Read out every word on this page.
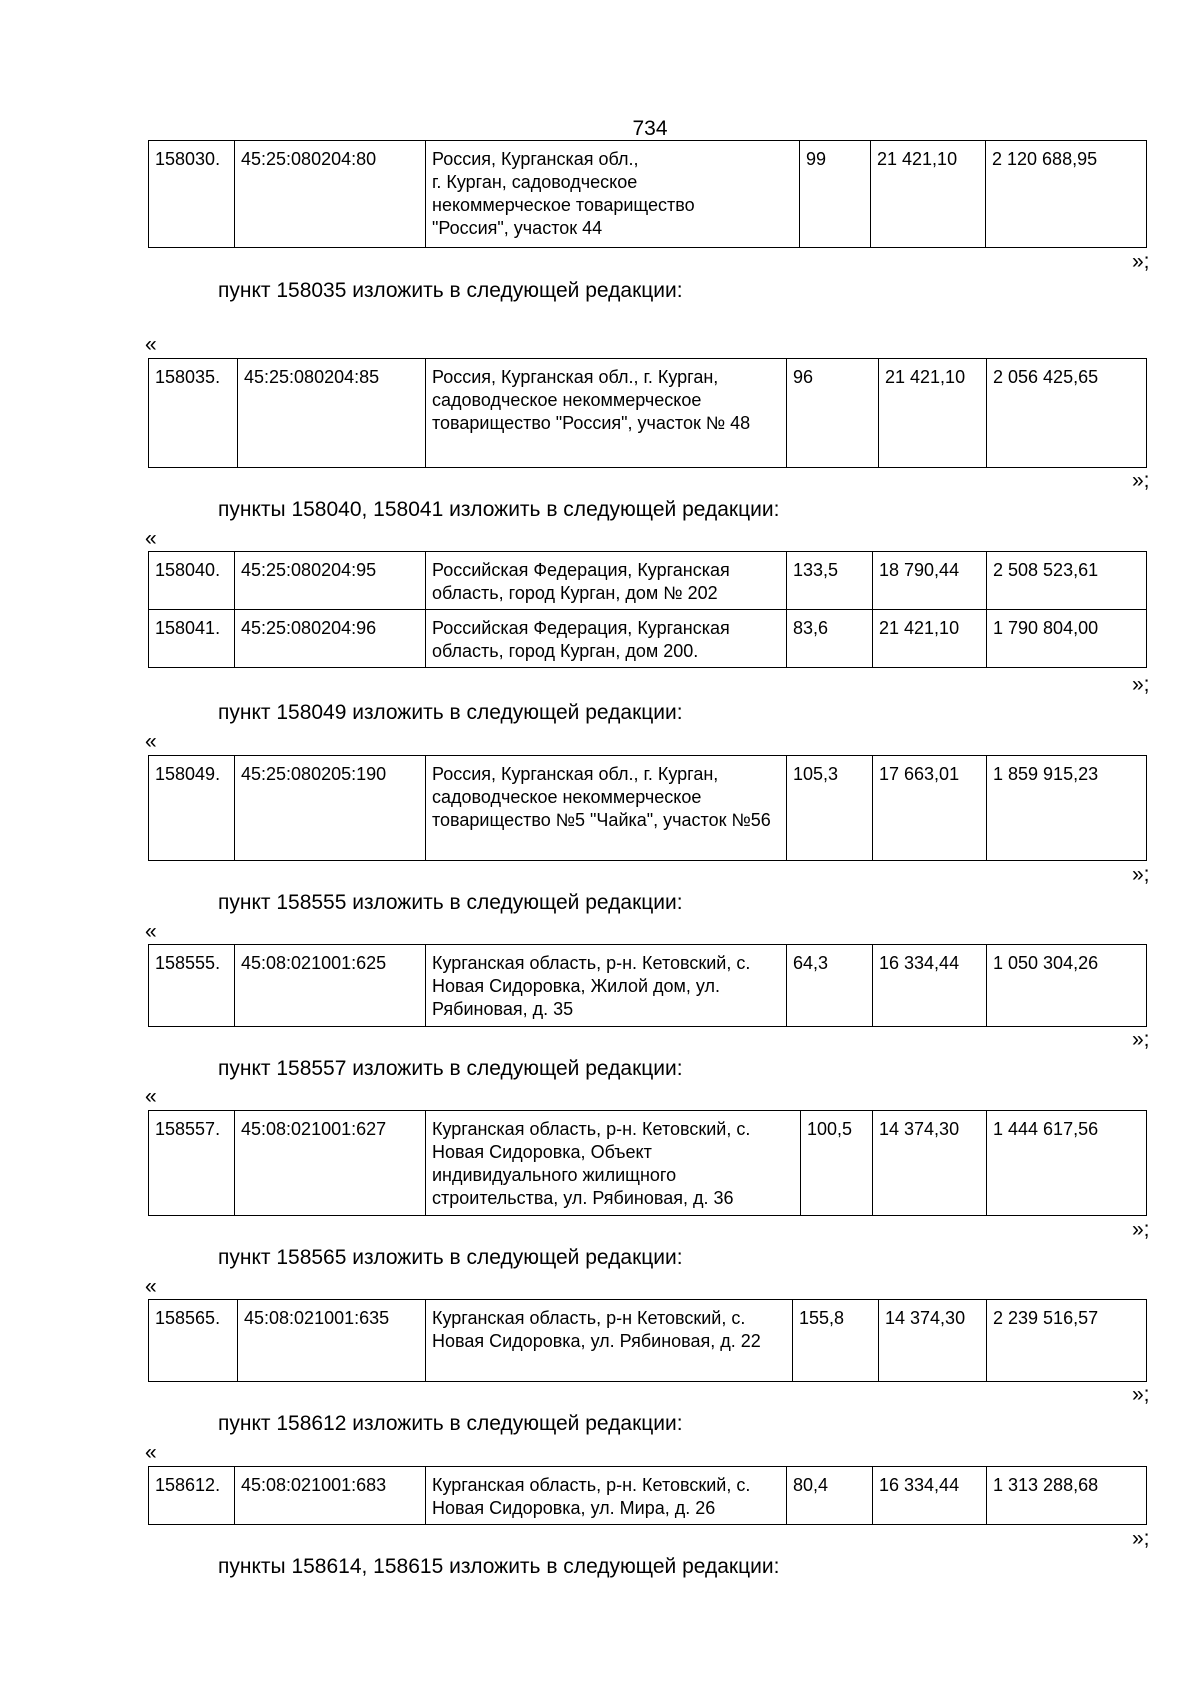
734
158030.	45:25:080204:80	Россия, Курганская обл.,
г. Курган, садоводческое
некоммерческое товарищество
"Россия", участок 44	99	21 421,10	2 120 688,95
»;
пункт 158035 изложить в следующей редакции:
«
158035.	45:25:080204:85	Россия, Курганская обл., г. Курган, садоводческое некоммерческое товарищество "Россия", участок № 48	96	21 421,10	2 056 425,65
»;
пункты 158040, 158041 изложить в следующей редакции:
«
158040.	45:25:080204:95	Российская Федерация, Курганская область, город Курган, дом № 202	133,5	18 790,44	2 508 523,61
158041.	45:25:080204:96	Российская Федерация, Курганская область, город Курган, дом 200.	83,6	21 421,10	1 790 804,00
»;
пункт 158049 изложить в следующей редакции:
«
158049.	45:25:080205:190	Россия, Курганская обл., г. Курган, садоводческое некоммерческое товарищество №5 "Чайка", участок №56	105,3	17 663,01	1 859 915,23
»;
пункт 158555 изложить в следующей редакции:
«
158555.	45:08:021001:625	Курганская область, р-н. Кетовский, с. Новая Сидоровка, Жилой дом, ул. Рябиновая, д. 35	64,3	16 334,44	1 050 304,26
»;
пункт 158557 изложить в следующей редакции:
«
158557.	45:08:021001:627	Курганская область, р-н. Кетовский, с. Новая Сидоровка, Объект индивидуального жилищного строительства, ул. Рябиновая, д. 36	100,5	14 374,30	1 444 617,56
»;
пункт 158565 изложить в следующей редакции:
«
158565.	45:08:021001:635	Курганская область, р-н Кетовский, с. Новая Сидоровка, ул. Рябиновая, д. 22	155,8	14 374,30	2 239 516,57
»;
пункт 158612 изложить в следующей редакции:
«
158612.	45:08:021001:683	Курганская область, р-н. Кетовский, с. Новая Сидоровка, ул. Мира, д. 26	80,4	16 334,44	1 313 288,68
»;
пункты 158614, 158615 изложить в следующей редакции:
